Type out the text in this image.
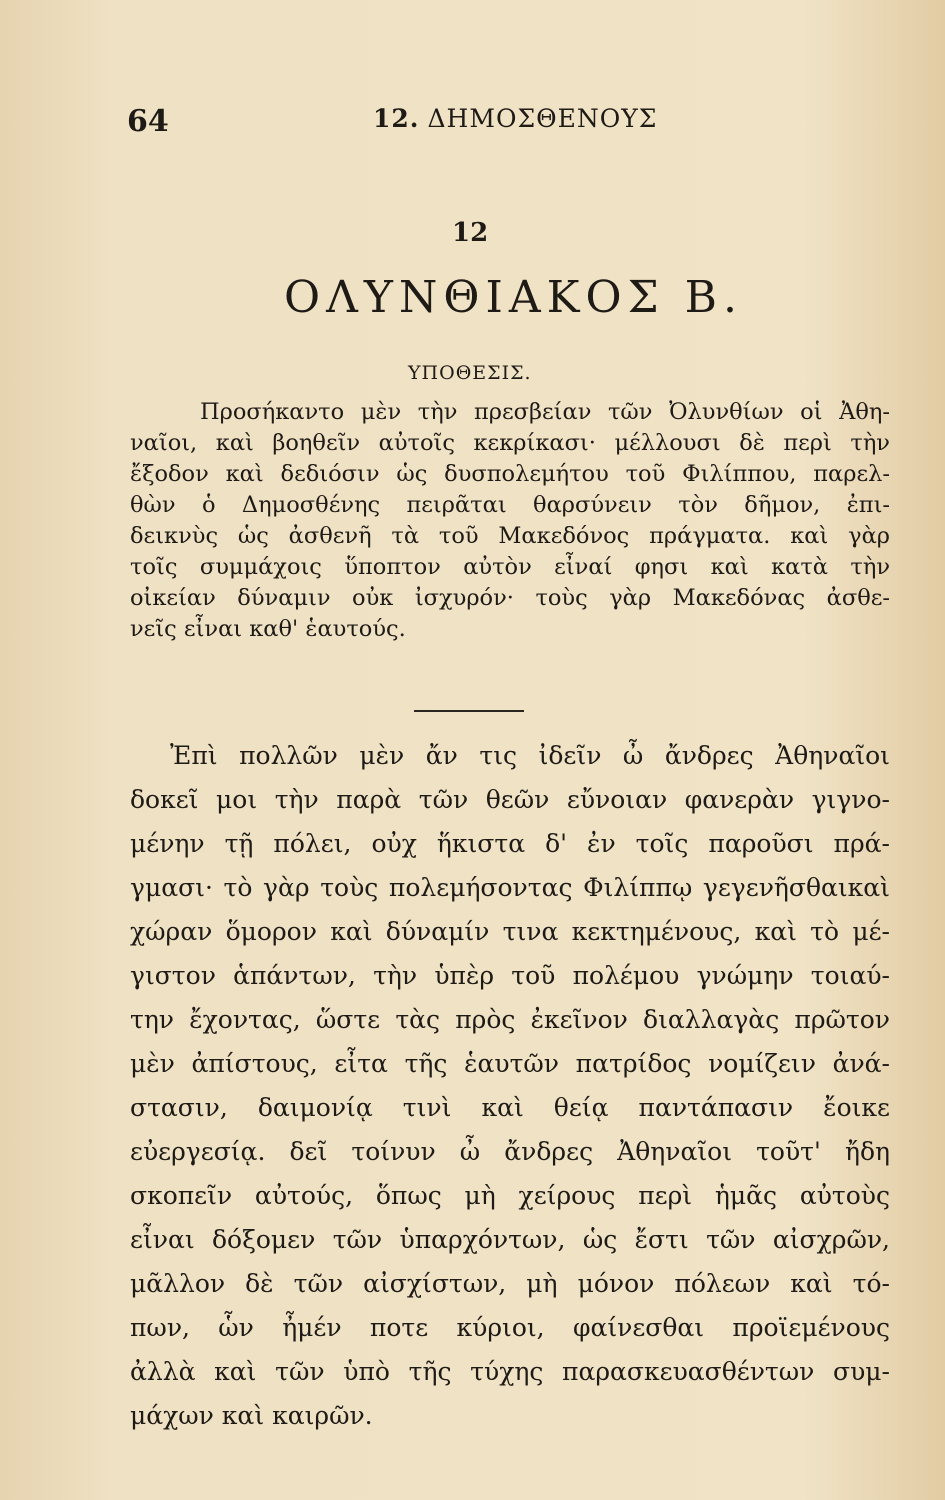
64	12. ΔΗΜΟΣΘΕΝΟΥΣ
12
ΟΛΥΝΘΙΑΚΟΣ Β.
ΥΠΟΘΕΣΙΣ.
Προσήκαντο μὲν τὴν πρεσβείαν τῶν Ὀλυνθίων οἱ Ἀθη-
ναῖοι, καὶ βοηθεῖν αὐτοῖς κεκρίκασι· μέλλουσι δὲ περὶ τὴν
ἔξοδον καὶ δεδιόσιν ὡς δυσπολεμήτου τοῦ Φιλίππου, παρελ-
θὼν ὁ Δημοσθένης πειρᾶται θαρσύνειν τὸν δῆμον, ἐπι-
δεικνὺς ὡς ἀσθενῆ τὰ τοῦ Μακεδόνος πράγματα. καὶ γὰρ
τοῖς συμμάχοις ὕποπτον αὐτὸν εἶναί φησι καὶ κατὰ τὴν
οἰκείαν δύναμιν οὐκ ἰσχυρόν· τοὺς γὰρ Μακεδόνας ἀσθε-
νεῖς εἶναι καθ' ἑαυτούς.
Ἐπὶ πολλῶν μὲν ἄν τις ἰδεῖν ὦ ἄνδρες Ἀθηναῖοι
δοκεῖ μοι τὴν παρὰ τῶν θεῶν εὔνοιαν φανερὰν γιγνο-
μένην τῇ πόλει, οὐχ ἥκιστα δ' ἐν τοῖς παροῦσι πρά-
γμασι· τὸ γὰρ τοὺς πολεμήσοντας Φιλίππῳ γεγενῆσθαικαὶ
χώραν ὅμορον καὶ δύναμίν τινα κεκτημένους, καὶ τὸ μέ-
γιστον ἁπάντων, τὴν ὑπὲρ τοῦ πολέμου γνώμην τοιαύ-
την ἔχοντας, ὥστε τὰς πρὸς ἐκεῖνον διαλλαγὰς πρῶτον
μὲν ἀπίστους, εἶτα τῆς ἑαυτῶν πατρίδος νομίζειν ἀνά-
στασιν, δαιμονίᾳ τινὶ καὶ θείᾳ παντάπασιν ἔοικε
εὐεργεσίᾳ. δεῖ τοίνυν ὦ ἄνδρες Ἀθηναῖοι τοῦτ' ἤδη
σκοπεῖν αὐτούς, ὅπως μὴ χείρους περὶ ἡμᾶς αὐτοὺς
εἶναι δόξομεν τῶν ὑπαρχόντων, ὡς ἔστι τῶν αἰσχρῶν,
μᾶλλον δὲ τῶν αἰσχίστων, μὴ μόνον πόλεων καὶ τό-
πων, ὧν ἦμέν ποτε κύριοι, φαίνεσθαι προϊεμένους
ἀλλὰ καὶ τῶν ὑπὸ τῆς τύχης παρασκευασθέντων συμ-
μάχων καὶ καιρῶν.
